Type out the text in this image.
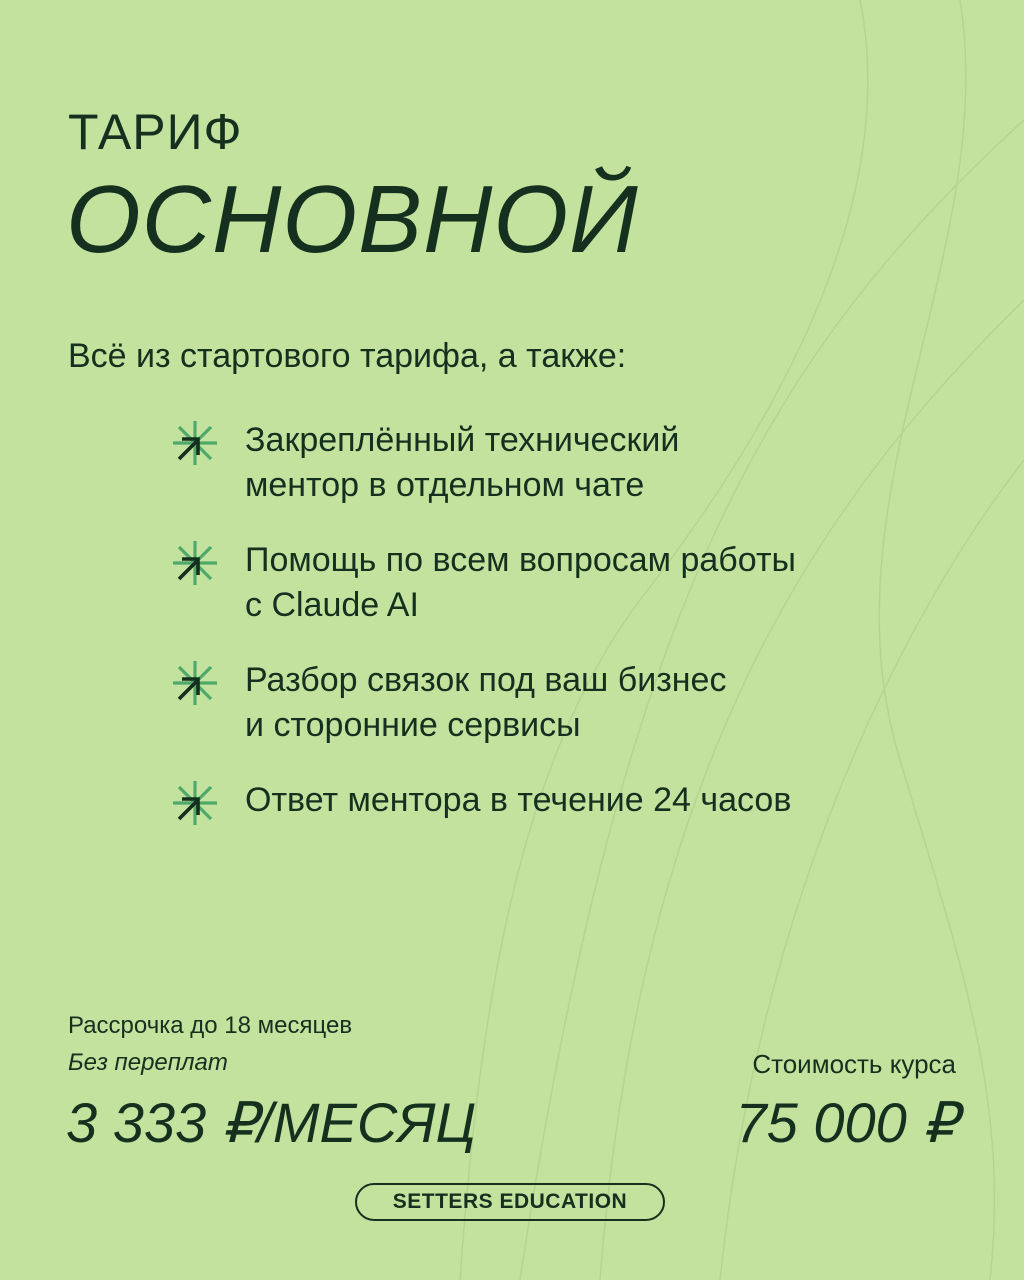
ТАРИФ
ОСНОВНОЙ
Всё из стартового тарифа, а также:
Закреплённый технический
ментор в отдельном чате
Помощь по всем вопросам работы
с Claude AI
Разбор связок под ваш бизнес
и сторонние сервисы
Ответ ментора в течение 24 часов
Рассрочка до 18 месяцев
Без переплат
3 333 ₽/МЕСЯЦ
Стоимость курса
75 000 ₽
SETTERS EDUCATION
